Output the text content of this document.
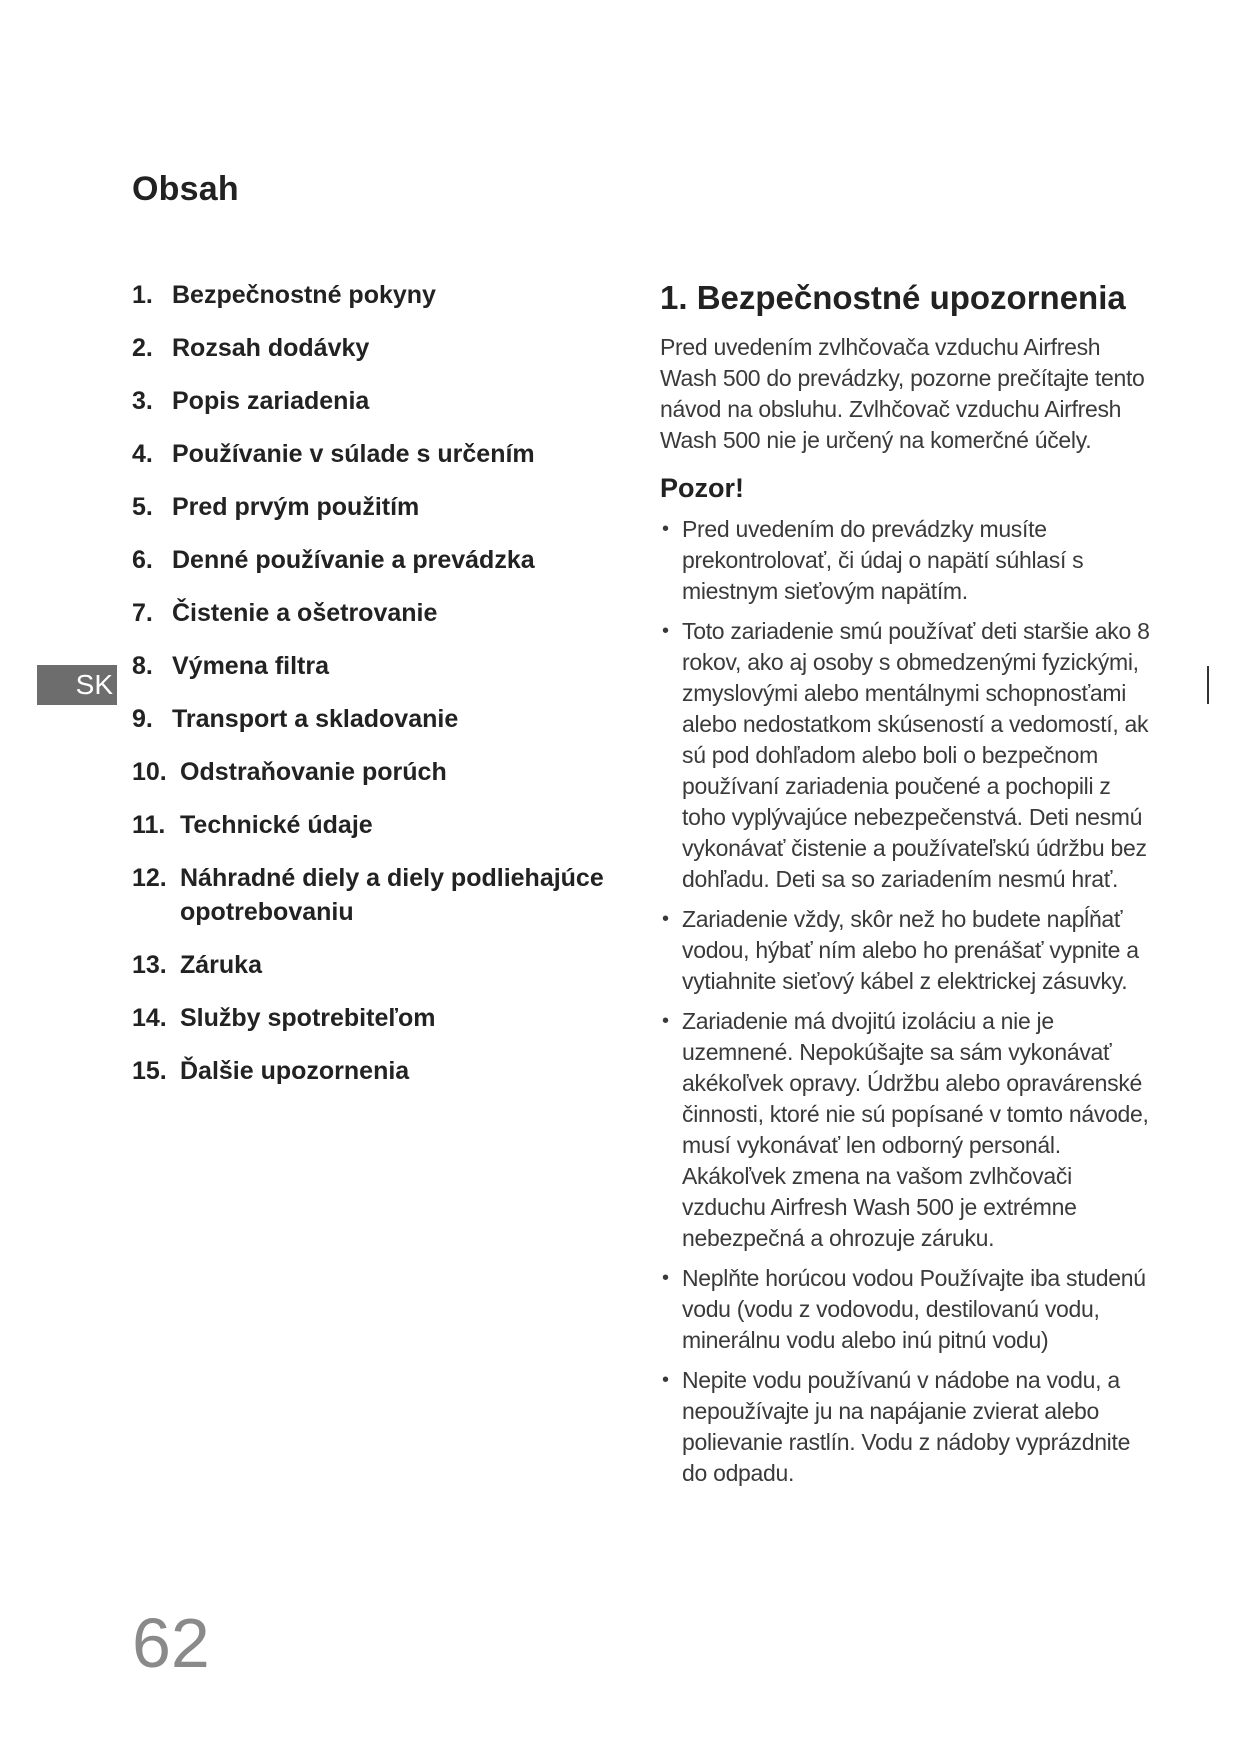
Obsah
1. Bezpečnostné pokyny
2. Rozsah dodávky
3. Popis zariadenia
4. Používanie v súlade s určením
5. Pred prvým použitím
6. Denné používanie a prevádzka
7. Čistenie a ošetrovanie
8. Výmena filtra
9. Transport a skladovanie
10. Odstraňovanie porúch
11. Technické údaje
12. Náhradné diely a diely podliehajúce opotrebovaniu
13. Záruka
14. Služby spotrebiteľom
15. Ďalšie upozornenia
SK
1. Bezpečnostné upozornenia

Pred uvedením zvlhčovača vzduchu Airfresh Wash 500 do prevádzky, pozorne prečítajte tento návod na obsluhu. Zvlhčovač vzduchu Airfresh Wash 500 nie je určený na komerčné účely.

Pozor!
• Pred uvedením do prevádzky musíte prekontrolovať, či údaj o napätí súhlasí s miestnym sieťovým napätím.
• Toto zariadenie smú používať deti staršie ako 8 rokov, ako aj osoby s obmedzenými fyzickými, zmyslovými alebo mentálnymi schopnosťami alebo nedostatkom skúseností a vedomostí, ak sú pod dohľadom alebo boli o bezpečnom používaní zariadenia poučené a pochopili z toho vyplývajúce nebezpečenstvá. Deti nesmú vykonávať čistenie a používateľskú údržbu bez dohľadu. Deti sa so zariadením nesmú hrať.
• Zariadenie vždy, skôr než ho budete napĺňať vodou, hýbať ním alebo ho prenášať vypnite a vytiahnite sieťový kábel z elektrickej zásuvky.
• Zariadenie má dvojitú izoláciu a nie je uzemnené. Nepokúšajte sa sám vykonávať akékoľvek opravy. Údržbu alebo opravárenské činnosti, ktoré nie sú popísané v tomto návode, musí vykonávať len odborný personál. Akákoľvek zmena na vašom zvlhčovači vzduchu Airfresh Wash 500 je extrémne nebezpečná a ohrozuje záruku.
• Neplňte horúcou vodou Používajte iba studenú vodu (vodu z vodovodu, destilovanú vodu, minerálnu vodu alebo inú pitnú vodu)
• Nepite vodu používanú v nádobe na vodu, a nepoužívajte ju na napájanie zvierat alebo polievanie rastlín. Vodu z nádoby vyprázdnite do odpadu.
62
